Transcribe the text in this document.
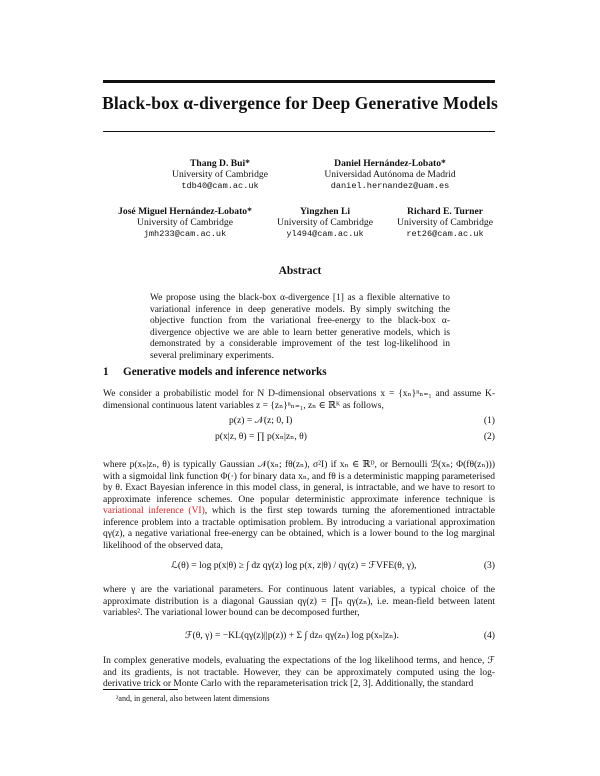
Black-box α-divergence for Deep Generative Models
Thang D. Bui*
University of Cambridge
tdb40@cam.ac.uk
Daniel Hernández-Lobato*
Universidad Autónoma de Madrid
daniel.hernandez@uam.es
José Miguel Hernández-Lobato*
University of Cambridge
jmh233@cam.ac.uk
Yingzhen Li
University of Cambridge
yl494@cam.ac.uk
Richard E. Turner
University of Cambridge
ret26@cam.ac.uk
Abstract
We propose using the black-box α-divergence [1] as a flexible alternative to variational inference in deep generative models. By simply switching the objective function from the variational free-energy to the black-box α-divergence objective we are able to learn better generative models, which is demonstrated by a considerable improvement of the test log-likelihood in several preliminary experiments.
1 Generative models and inference networks

We consider a probabilistic model for N D-dimensional observations x = {xₙ}ⁿₙ₌₁ and assume K-dimensional continuous latent variables z = {zₙ}ⁿₙ₌₁, zₙ ∈ ℝᴷ as follows,

p(z) = 𝒩(z; 0, I)	(1)
p(x|z, θ) = ∏ p(xₙ|zₙ, θ)	(2)

where p(xₙ|zₙ, θ) is typically Gaussian 𝒩(xₙ; fθ(zₙ), σ²I) if xₙ ∈ ℝᴰ, or Bernoulli ℬ(xₙ; Φ(fθ(zₙ))) with a sigmoidal link function Φ(·) for binary data xₙ, and fθ is a deterministic mapping parameterised by θ. Exact Bayesian inference in this model class, in general, is intractable, and we have to resort to approximate inference schemes. One popular deterministic approximate inference technique is variational inference (VI), which is the first step towards turning the aforementioned intractable inference problem into a tractable optimisation problem. By introducing a variational approximation qγ(z), a negative variational free-energy can be obtained, which is a lower bound to the log marginal likelihood of the observed data,

ℒ(θ) = log p(x|θ) ≥ ∫ dz qγ(z) log p(x, z|θ) / qγ(z) = ℱVFE(θ, γ),	(3)

where γ are the variational parameters. For continuous latent variables, a typical choice of the approximate distribution is a diagonal Gaussian qγ(z) = ∏ₙ qγ(zₙ), i.e. mean-field between latent variables². The variational lower bound can be decomposed further,

ℱ(θ, γ) = −KL(qγ(z)||p(z)) + Σ ∫ dzₙ qγ(zₙ) log p(xₙ|zₙ).	(4)

In complex generative models, evaluating the expectations of the log likelihood terms, and hence, ℱ and its gradients, is not tractable. However, they can be approximately computed using the log-derivative trick or Monte Carlo with the reparameterisation trick [2, 3]. Additionally, the standard

²and, in general, also between latent dimensions
